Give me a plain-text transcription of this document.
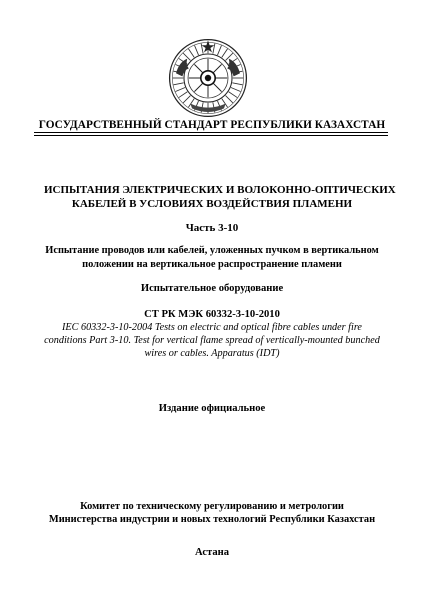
ГОСУДАРСТВЕННЫЙ СТАНДАРТ РЕСПУБЛИКИ КАЗАХСТАН
ИСПЫТАНИЯ ЭЛЕКТРИЧЕСКИХ И ВОЛОКОННО-ОПТИЧЕСКИХ
КАБЕЛЕЙ В УСЛОВИЯХ ВОЗДЕЙСТВИЯ ПЛАМЕНИ
Часть 3-10
Испытание проводов или кабелей, уложенных пучком в вертикальном
положении на вертикальное распространение пламени
Испытательное оборудование
СТ РК МЭК 60332-3-10-2010
IEC 60332-3-10-2004 Tests on electric and optical fibre cables under fire
conditions Part 3-10. Test for vertical flame spread of vertically-mounted bunched
wires or cables. Apparatus (IDT)
Издание официальное
Комитет по техническому регулированию и метрологии
Министерства индустрии и новых технологий Республики Казахстан
Астана
